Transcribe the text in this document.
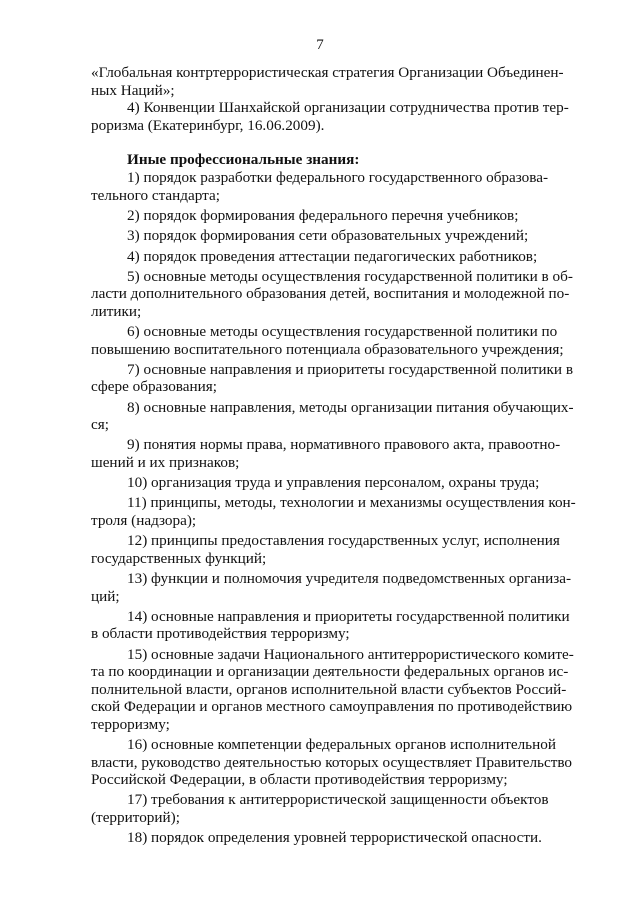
7
«Глобальная контртеррористическая стратегия Организации Объединен-
ных Наций»;
4) Конвенции Шанхайской организации сотрудничества против тер-
роризма (Екатеринбург, 16.06.2009).
Иные профессиональные знания:
1) порядок разработки федерального государственного образова-
тельного стандарта;
2) порядок формирования федерального перечня учебников;
3) порядок формирования сети образовательных учреждений;
4) порядок проведения аттестации педагогических работников;
5) основные методы осуществления государственной политики в об-
ласти дополнительного образования детей, воспитания и молодежной по-
литики;
6) основные методы осуществления государственной политики по
повышению воспитательного потенциала образовательного учреждения;
7) основные направления и приоритеты государственной политики в
сфере образования;
8) основные направления, методы организации питания обучающих-
ся;
9) понятия нормы права, нормативного правового акта, правоотно-
шений и их признаков;
10) организация труда и управления персоналом, охраны труда;
11) принципы, методы, технологии и механизмы осуществления кон-
троля (надзора);
12) принципы предоставления государственных услуг, исполнения
государственных функций;
13) функции и полномочия учредителя подведомственных организа-
ций;
14) основные направления и приоритеты государственной политики
в области противодействия терроризму;
15) основные задачи Национального антитеррористического комите-
та по координации и организации деятельности федеральных органов ис-
полнительной власти, органов исполнительной власти субъектов Россий-
ской Федерации и органов местного самоуправления по противодействию
терроризму;
16) основные компетенции федеральных органов исполнительной
власти, руководство деятельностью которых осуществляет Правительство
Российской Федерации, в области противодействия терроризму;
17) требования к антитеррористической защищенности объектов
(территорий);
18) порядок определения уровней террористической опасности.
